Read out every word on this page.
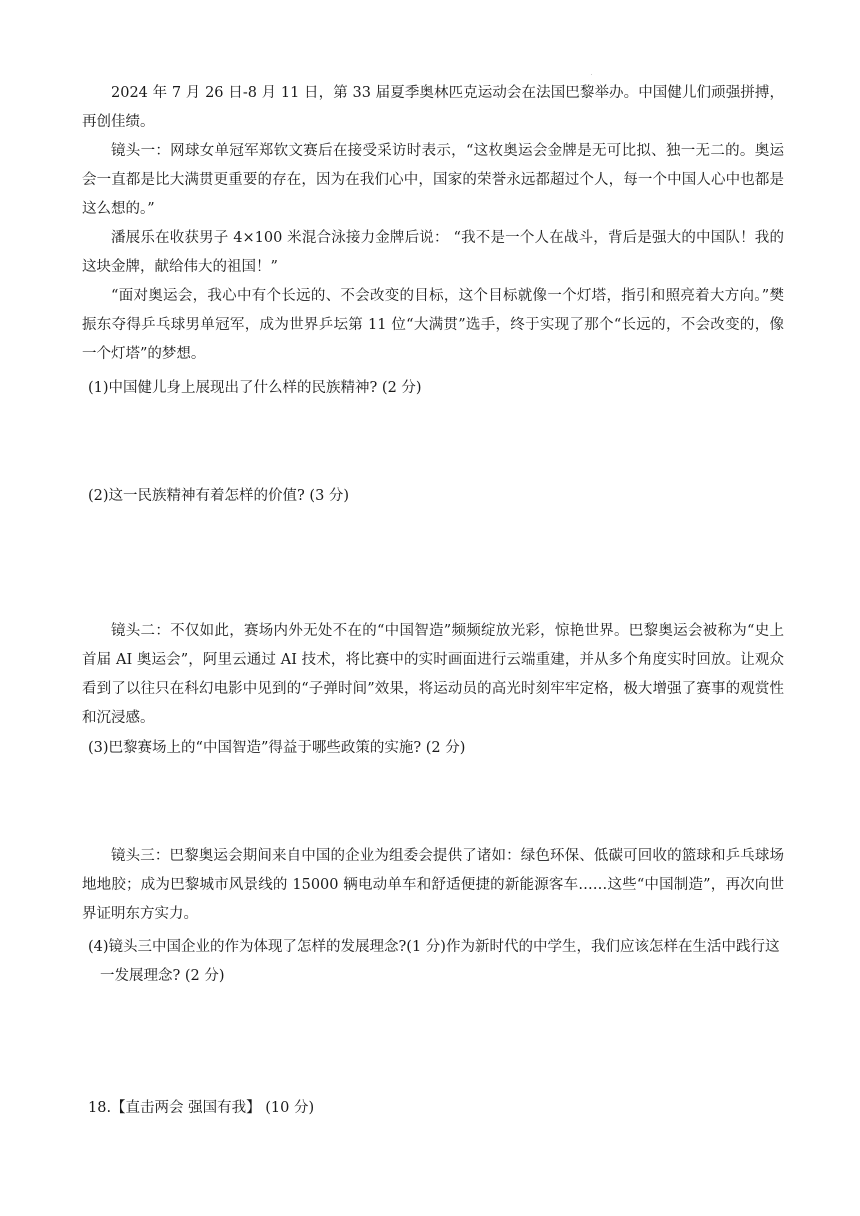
2024 年 7 月 26 日-8 月 11 日，第 33 届夏季奥林匹克运动会在法国巴黎举办。中国健儿们顽强拼搏，再创佳绩。

镜头一：网球女单冠军郑钦文赛后在接受采访时表示，“这枚奥运会金牌是无可比拟、独一无二的。奥运会一直都是比大满贯更重要的存在，因为在我们心中，国家的荣誉永远都超过个人，每一个中国人心中也都是这么想的。”

潘展乐在收获男子 4×100 米混合泳接力金牌后说： “我不是一个人在战斗，背后是强大的中国队！我的这块金牌，献给伟大的祖国！”

“面对奥运会，我心中有个长远的、不会改变的目标，这个目标就像一个灯塔，指引和照亮着大方向。”樊振东夺得乒乓球男单冠军，成为世界乒坛第 11 位“大满贯”选手，终于实现了那个“长远的，不会改变的，像一个灯塔”的梦想。

(1)中国健儿身上展现出了什么样的民族精神? (2 分)

(2)这一民族精神有着怎样的价值? (3 分)

镜头二：不仅如此，赛场内外无处不在的“中国智造”频频绽放光彩，惊艳世界。巴黎奥运会被称为“史上首届 AI 奥运会”，阿里云通过 AI 技术，将比赛中的实时画面进行云端重建，并从多个角度实时回放。让观众看到了以往只在科幻电影中见到的“子弹时间”效果，将运动员的高光时刻牢牢定格，极大增强了赛事的观赏性和沉浸感。

(3)巴黎赛场上的“中国智造”得益于哪些政策的实施? (2 分)

镜头三：巴黎奥运会期间来自中国的企业为组委会提供了诸如：绿色环保、低碳可回收的篮球和乒乓球场地地胶；成为巴黎城市风景线的 15000 辆电动单车和舒适便捷的新能源客车……这些“中国制造”，再次向世界证明东方实力。

(4)镜头三中国企业的作为体现了怎样的发展理念?(1 分)作为新时代的中学生，我们应该怎样在生活中践行这一发展理念? (2 分)

18.【直击两会 强国有我】 (10 分)
